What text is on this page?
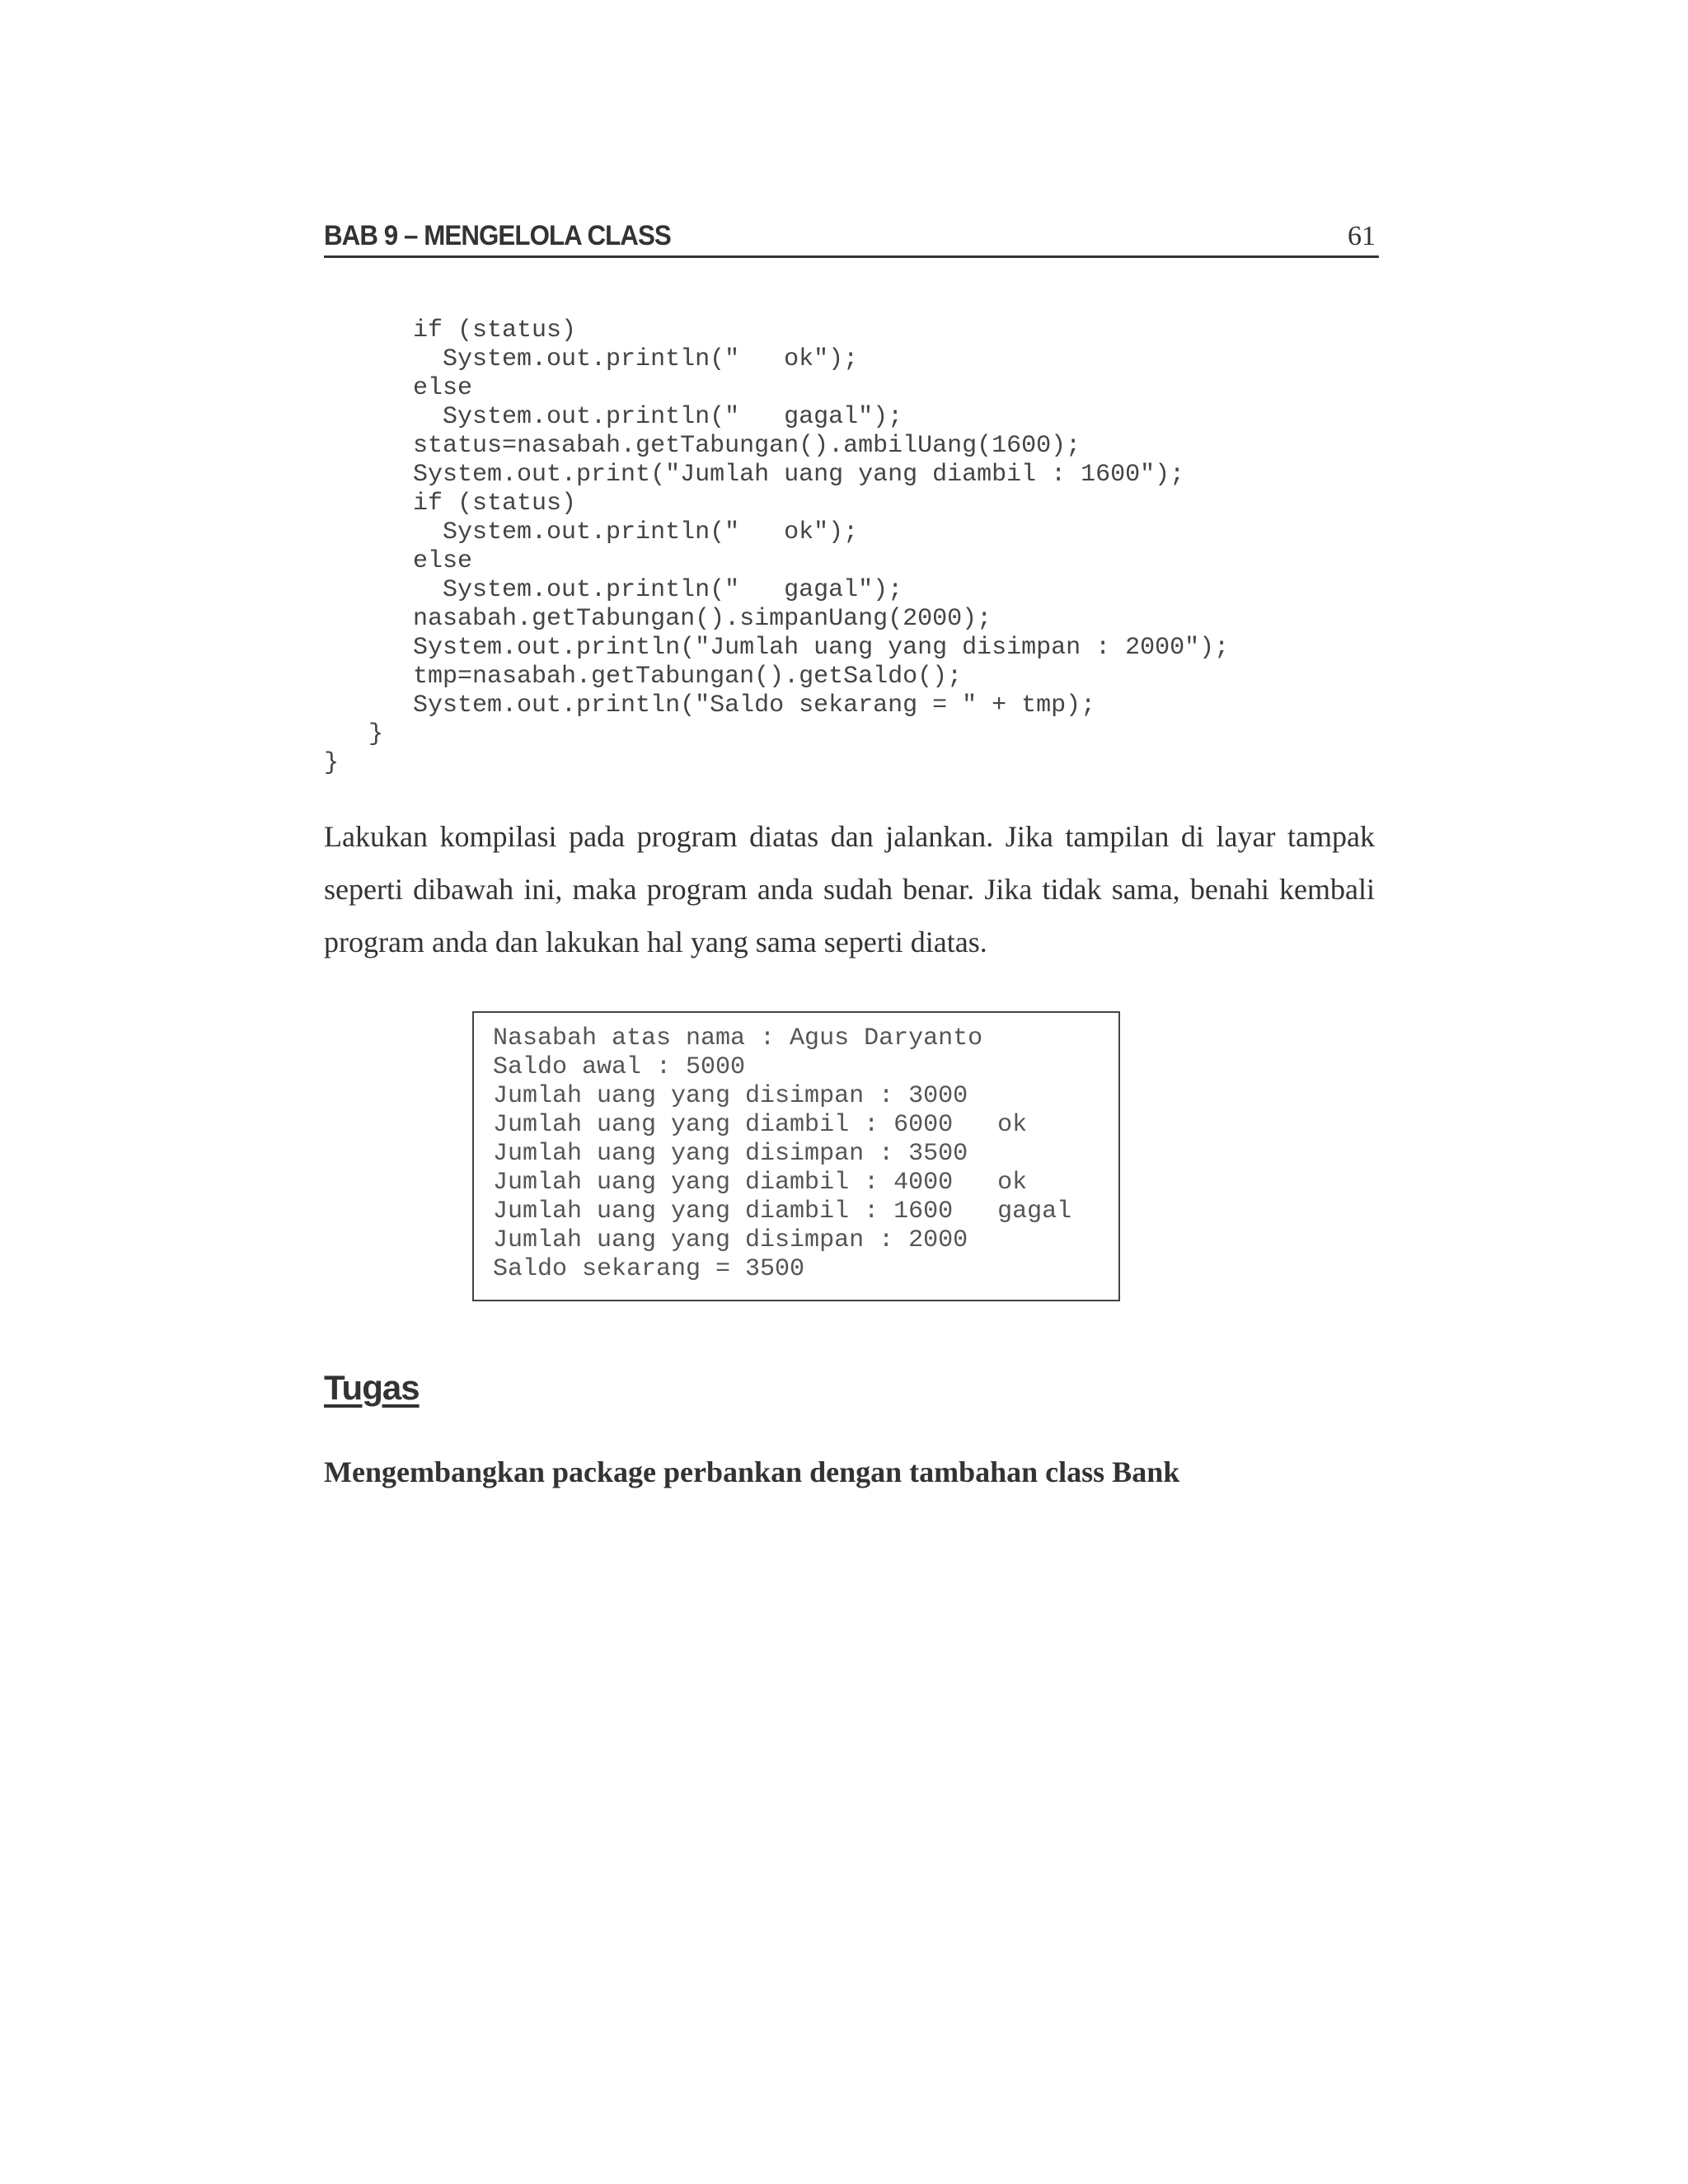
BAB 9 – MENGELOLA CLASS	61
if (status)
System.out.println("   ok");
else
System.out.println("   gagal");
status=nasabah.getTabungan().ambilUang(1600);
System.out.print("Jumlah uang yang diambil : 1600");
if (status)
System.out.println("   ok");
else
System.out.println("   gagal");
nasabah.getTabungan().simpanUang(2000);
System.out.println("Jumlah uang yang disimpan : 2000");
tmp=nasabah.getTabungan().getSaldo();
System.out.println("Saldo sekarang = " + tmp);
}
}

Lakukan kompilasi pada program diatas dan jalankan. Jika tampilan di layar tampak seperti dibawah ini, maka program anda sudah benar. Jika tidak sama, benahi kembali program anda dan lakukan hal yang sama seperti diatas.

Nasabah atas nama : Agus Daryanto
Saldo awal : 5000
Jumlah uang yang disimpan : 3000
Jumlah uang yang diambil : 6000   ok
Jumlah uang yang disimpan : 3500
Jumlah uang yang diambil : 4000   ok
Jumlah uang yang diambil : 1600   gagal
Jumlah uang yang disimpan : 2000
Saldo sekarang = 3500
Tugas
Mengembangkan package perbankan dengan tambahan class Bank
